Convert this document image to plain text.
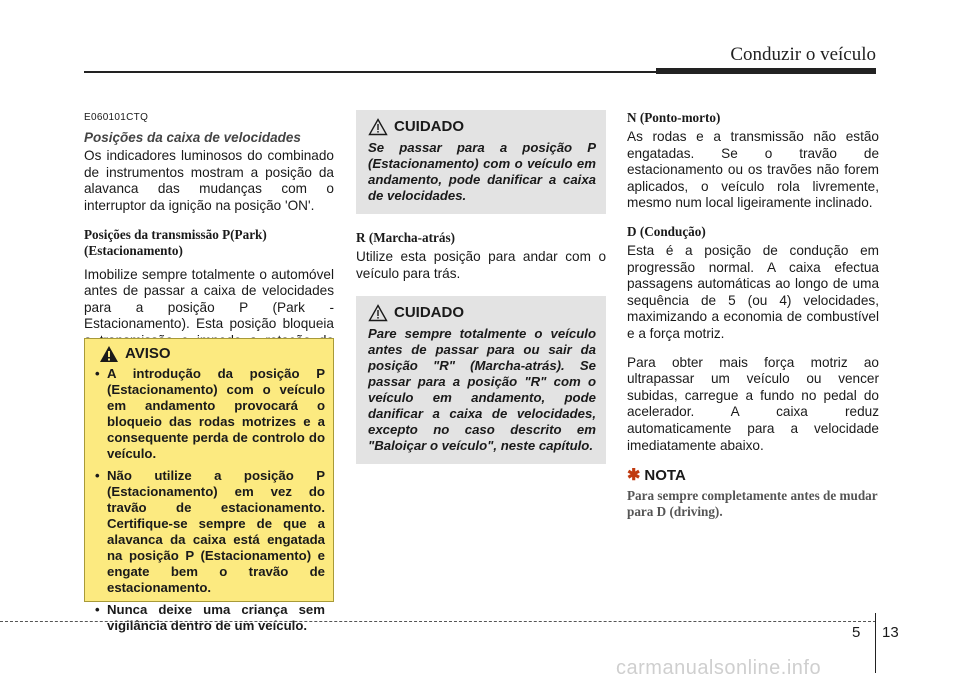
Conduzir o veículo
E060101CTQ
Posições da caixa de velocidades

Os indicadores luminosos do combinado de instrumentos mostram a posição da alavanca das mudanças com o interruptor da ignição na posição 'ON'.

Posições da transmissão P(Park) (Estacionamento)

Imobilize sempre totalmente o automóvel antes de passar a caixa de velocidades para a posição P (Park - Estacionamento). Esta posição bloqueia

AVISO
• A introdução da posição P (Estacionamento) com o veículo em andamento provocará o bloqueio das rodas motrizes e a consequente perda de controlo do veículo.
• Não utilize a posição P (Estacionamento) em vez do travão de estacionamento. Certifique-se sempre de que a alavanca da caixa está engatada na posição P (Estacionamento) e engate bem o travão de estacionamento.
• Nunca deixe uma criança sem vigilância dentro de um veículo.
CUIDADO
Se passar para a posição P (Estacionamento) com o veículo em andamento, pode danificar a caixa de velocidades.
R (Marcha-atrás)

Utilize esta posição para andar com o veículo para trás.

CUIDADO
Pare sempre totalmente o veículo antes de passar para ou sair da posição "R" (Marcha-atrás). Se passar para a posição "R" com o veículo em andamento, pode danificar a caixa de velocidades, excepto no caso descrito em "Baloiçar o veículo", neste capítulo.
N (Ponto-morto)

As rodas e a transmissão não estão engatadas. Se o travão de estacionamento ou os travões não forem aplicados, o veículo rola livremente, mesmo num local ligeiramente inclinado.

D (Condução)

Esta é a posição de condução em progressão normal. A caixa efectua passagens automáticas ao longo de uma sequência de 5 (ou 4) velocidades, maximizando a economia de combustível e a força motriz.

Para obter mais força motriz ao ultrapassar um veículo ou vencer subidas, carregue a fundo no pedal do acelerador. A caixa reduz automaticamente para a velocidade imediatamente abaixo.

✱ NOTA
Para sempre completamente antes de mudar para D (driving).
5 13
carmanualsonline.info
